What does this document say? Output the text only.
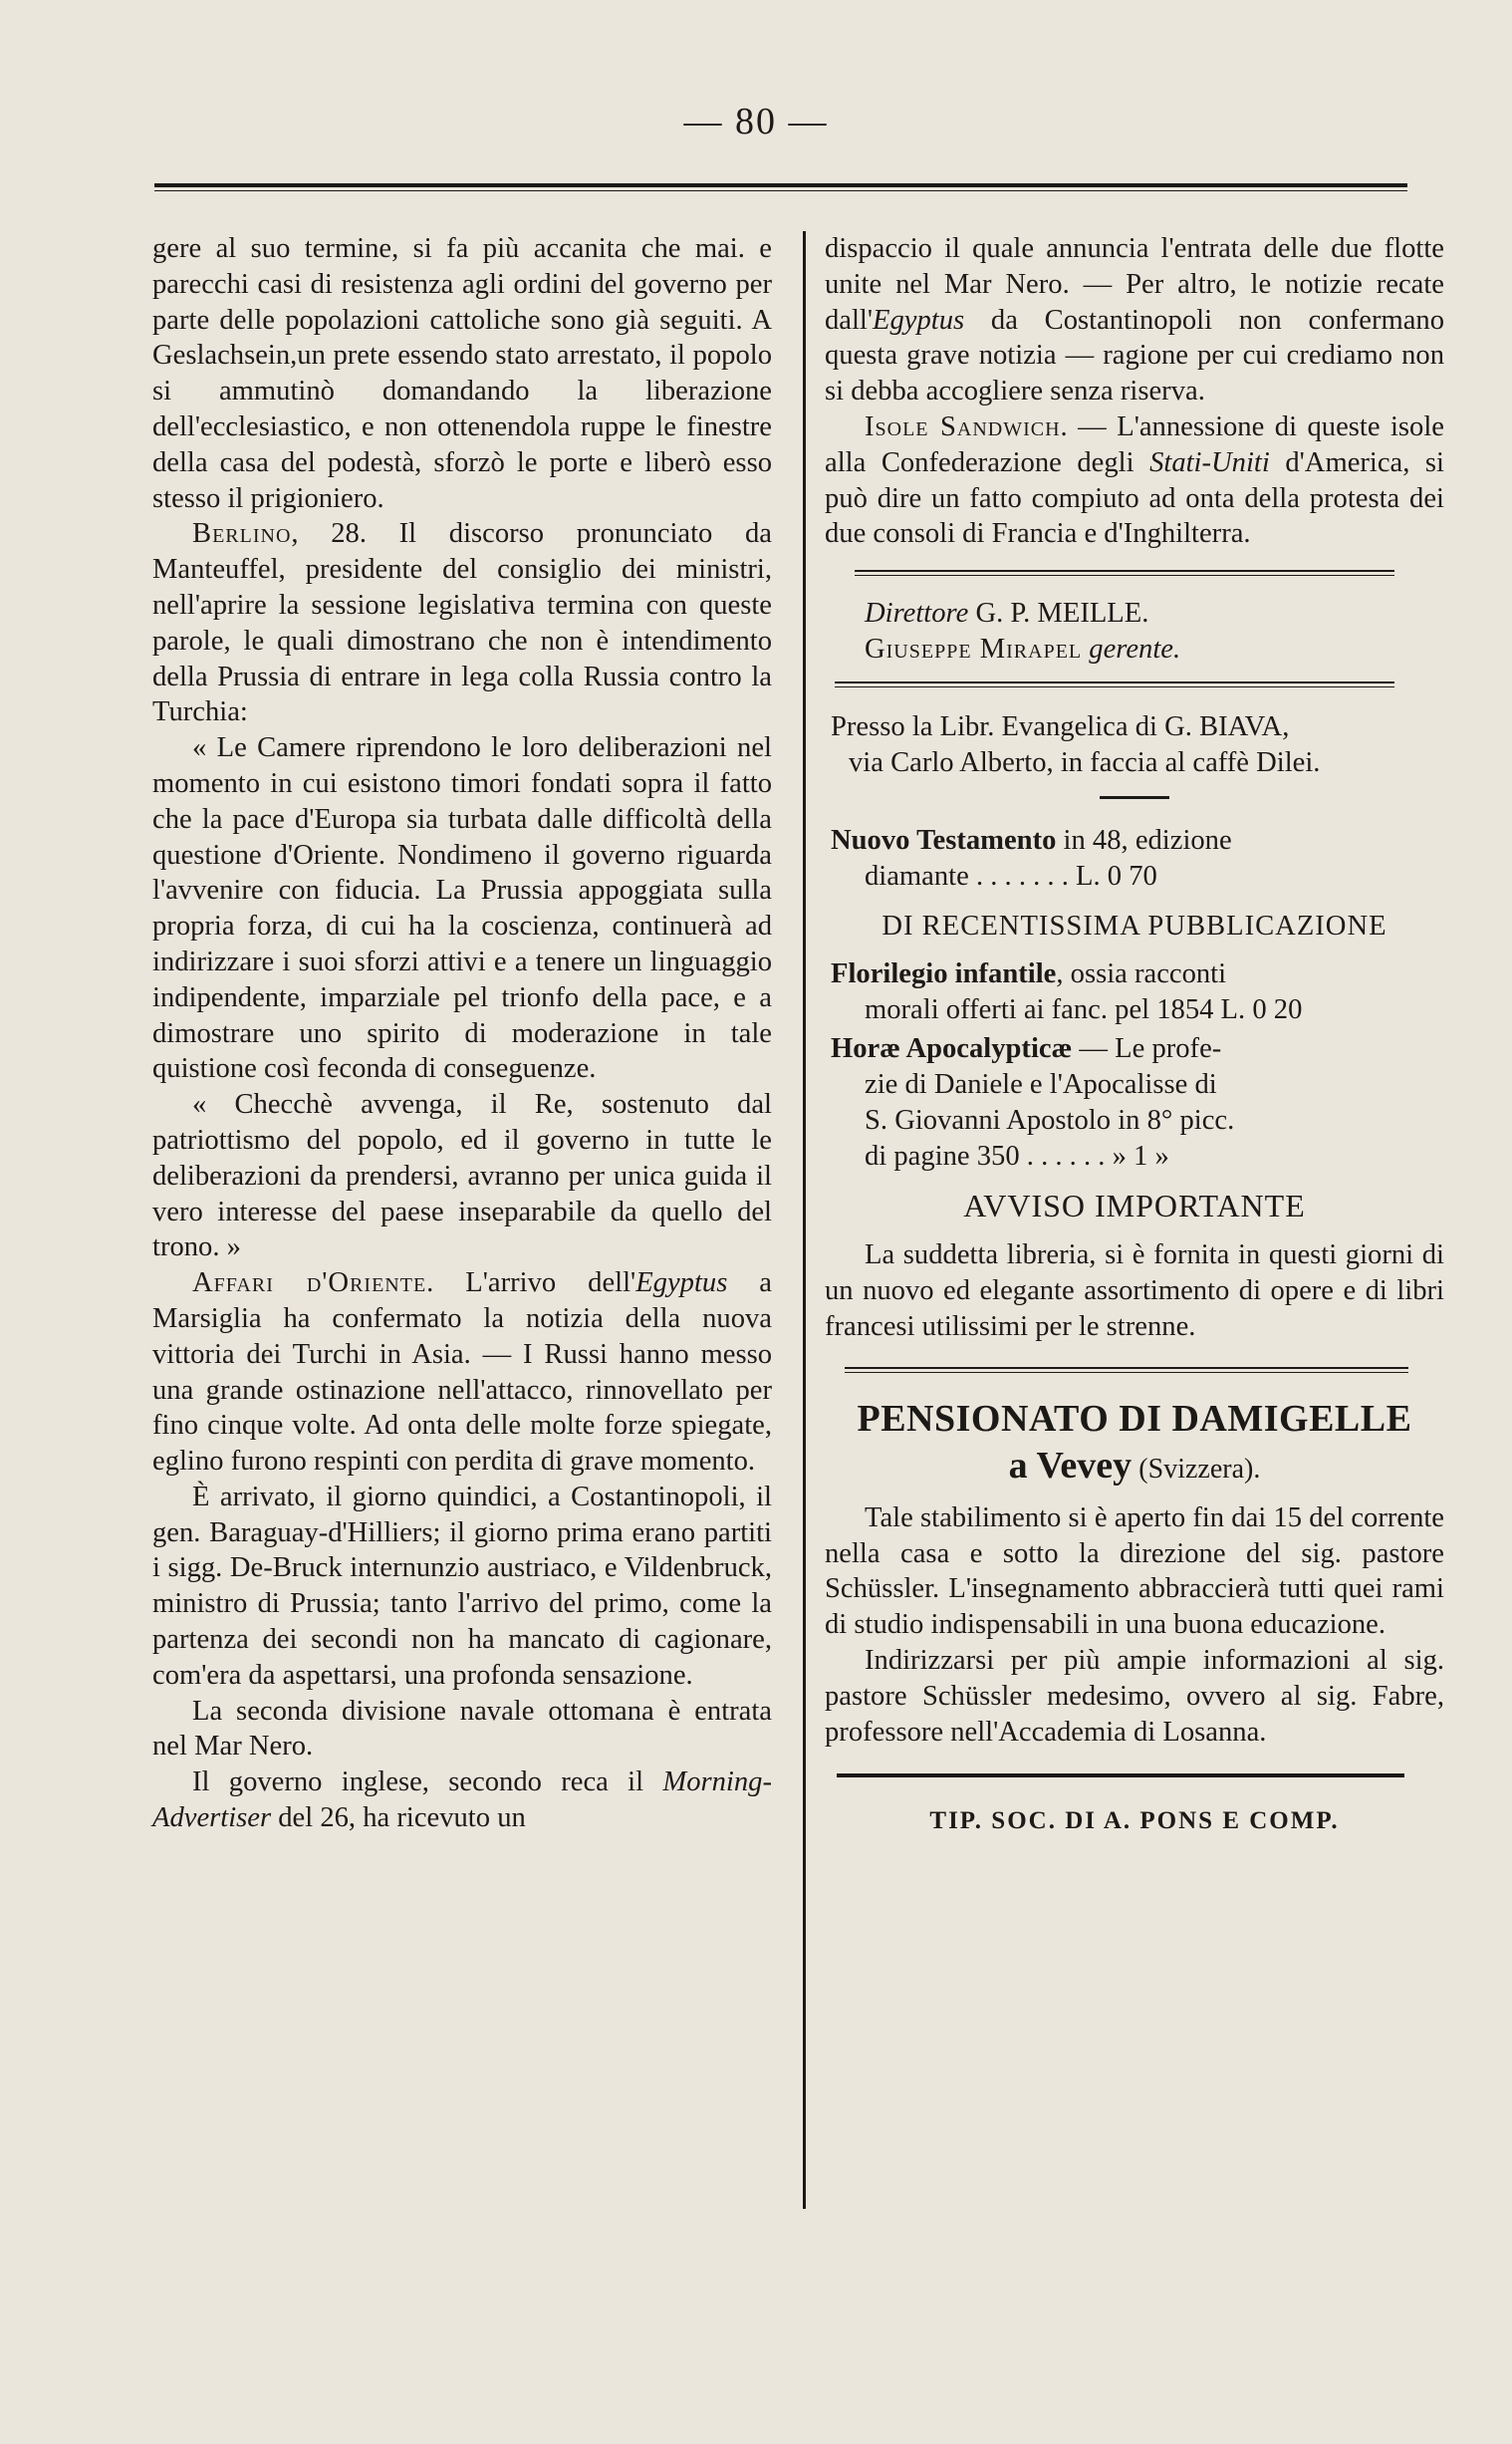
— 80 —

gere al suo termine, si fa più accanita che mai. e parecchi casi di resistenza agli ordini del governo per parte delle popolazioni cattoliche sono già seguiti. A Geslachsein,un prete essendo stato arrestato, il popolo si ammutinò domandando la liberazione dell'ecclesiastico, e non ottenendola ruppe le finestre della casa del podestà, sforzò le porte e liberò esso stesso il prigioniero.

Berlino, 28. Il discorso pronunciato da Manteuffel, presidente del consiglio dei ministri, nell'aprire la sessione legislativa termina con queste parole, le quali dimostrano che non è intendimento della Prussia di entrare in lega colla Russia contro la Turchia:

« Le Camere riprendono le loro deliberazioni nel momento in cui esistono timori fondati sopra il fatto che la pace d'Europa sia turbata dalle difficoltà della questione d'Oriente. Nondimeno il governo riguarda l'avvenire con fiducia. La Prussia appoggiata sulla propria forza, di cui ha la coscienza, continuerà ad indirizzare i suoi sforzi attivi e a tenere un linguaggio indipendente, imparziale pel trionfo della pace, e a dimostrare uno spirito di moderazione in tale quistione così feconda di conseguenze.

« Checchè avvenga, il Re, sostenuto dal patriottismo del popolo, ed il governo in tutte le deliberazioni da prendersi, avranno per unica guida il vero interesse del paese inseparabile da quello del trono. »

Affari d'Oriente. L'arrivo dell'Egyptus a Marsiglia ha confermato la notizia della nuova vittoria dei Turchi in Asia. — I Russi hanno messo una grande ostinazione nell'attacco, rinnovellato per fino cinque volte. Ad onta delle molte forze spiegate, eglino furono respinti con perdita di grave momento.

È arrivato, il giorno quindici, a Costantinopoli, il gen. Baraguay-d'Hilliers; il giorno prima erano partiti i sigg. De-Bruck internunzio austriaco, e Vildenbruck, ministro di Prussia; tanto l'arrivo del primo, come la partenza dei secondi non ha mancato di cagionare, com'era da aspettarsi, una profonda sensazione.

La seconda divisione navale ottomana è entrata nel Mar Nero.

Il governo inglese, secondo reca il Morning-Advertiser del 26, ha ricevuto un

dispaccio il quale annuncia l'entrata delle due flotte unite nel Mar Nero. — Per altro, le notizie recate dall'Egyptus da Costantinopoli non confermano questa grave notizia — ragione per cui crediamo non si debba accogliere senza riserva.

Isole Sandwich. — L'annessione di queste isole alla Confederazione degli Stati-Uniti d'America, si può dire un fatto compiuto ad onta della protesta dei due consoli di Francia e d'Inghilterra.

Direttore G. P. MEILLE.

Giuseppe Mirapel gerente.

Presso la Libr. Evangelica di G. BIAVA,

via Carlo Alberto, in faccia al caffè Dilei.

Nuovo Testamento in 48, edizione

diamante . . . . . . . L. 0 70

DI RECENTISSIMA PUBBLICAZIONE

Florilegio infantile, ossia racconti

morali offerti ai fanc. pel 1854 L. 0 20

Horæ Apocalypticæ — Le profe-

zie di Daniele e l'Apocalisse di

S. Giovanni Apostolo in 8° picc.

di pagine 350 . . . . . . » 1 »

AVVISO IMPORTANTE

La suddetta libreria, si è fornita in questi giorni di un nuovo ed elegante assortimento di opere e di libri francesi utilissimi per le strenne.

PENSIONATO DI DAMIGELLE

a Vevey (Svizzera).

Tale stabilimento si è aperto fin dai 15 del corrente nella casa e sotto la direzione del sig. pastore Schüssler. L'insegnamento abbraccierà tutti quei rami di studio indispensabili in una buona educazione.

Indirizzarsi per più ampie informazioni al sig. pastore Schüssler medesimo, ovvero al sig. Fabre, professore nell'Accademia di Losanna.

TIP. SOC. DI A. PONS E COMP.
